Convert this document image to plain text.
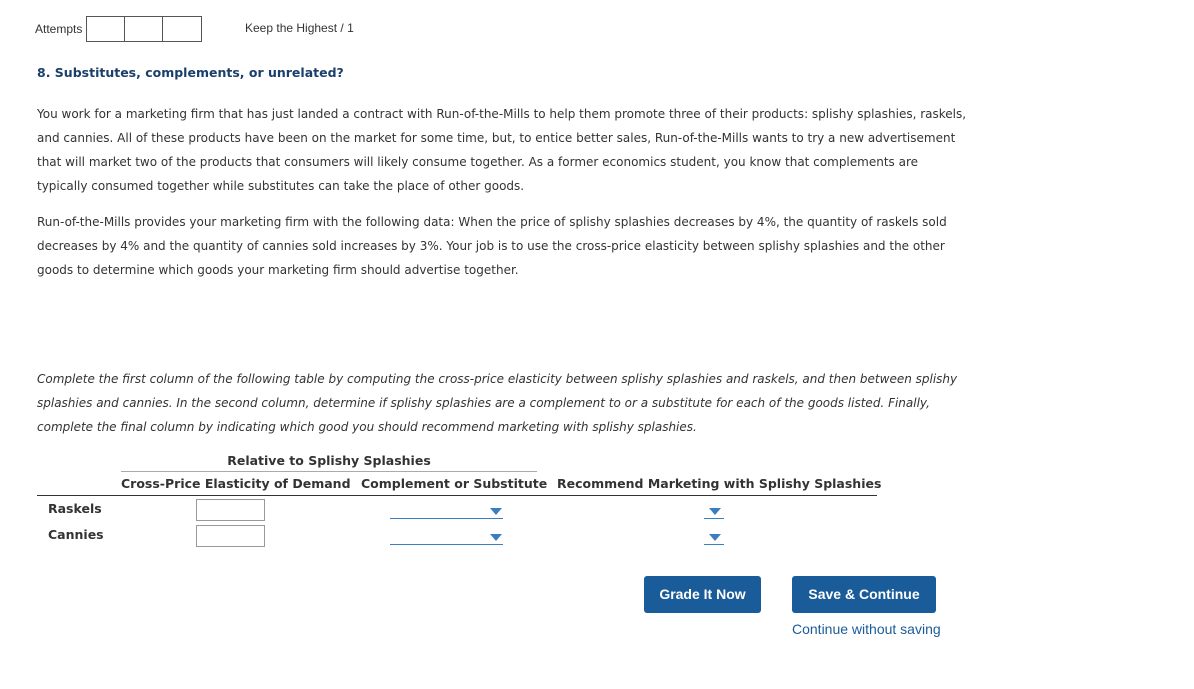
Attempts	Keep the Highest / 1
8. Substitutes, complements, or unrelated?

You work for a marketing firm that has just landed a contract with Run-of-the-Mills to help them promote three of their products: splishy splashies, raskels, and cannies. All of these products have been on the market for some time, but, to entice better sales, Run-of-the-Mills wants to try a new advertisement that will market two of the products that consumers will likely consume together. As a former economics student, you know that complements are typically consumed together while substitutes can take the place of other goods.

Run-of-the-Mills provides your marketing firm with the following data: When the price of splishy splashies decreases by 4%, the quantity of raskels sold decreases by 4% and the quantity of cannies sold increases by 3%. Your job is to use the cross-price elasticity between splishy splashies and the other goods to determine which goods your marketing firm should advertise together.

Complete the first column of the following table by computing the cross-price elasticity between splishy splashies and raskels, and then between splishy splashies and cannies. In the second column, determine if splishy splashies are a complement to or a substitute for each of the goods listed. Finally, complete the final column by indicating which good you should recommend marketing with splishy splashies.

Relative to Splishy Splashies
Cross-Price Elasticity of Demand Complement or Substitute Recommend Marketing with Splishy Splashies
Raskels
Cannies
Grade It Now	Save & Continue
Continue without saving
